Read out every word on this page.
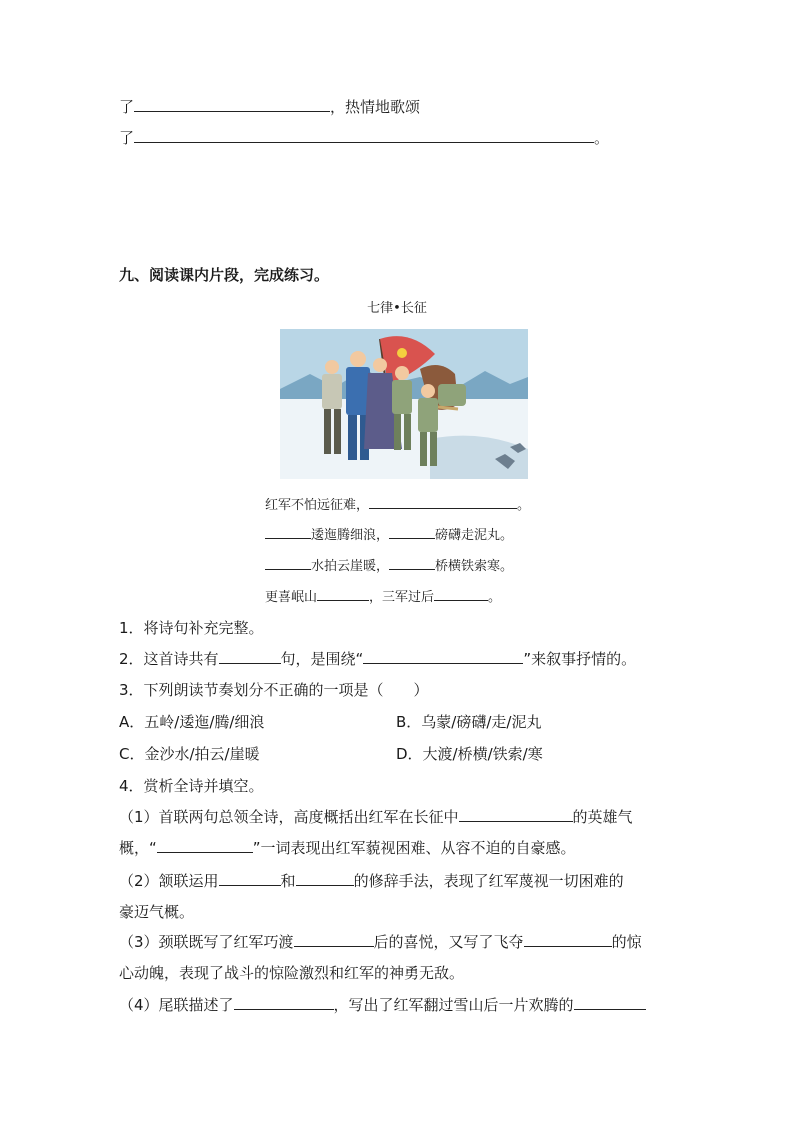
了	，热情地歌颂
了	。
九、阅读课内片段，完成练习。
七律•长征
红军不怕远征难，	。
逶迤腾细浪，	磅礴走泥丸。
水拍云崖暖，	桥横铁索寒。
更喜岷山	，三军过后	。
1．将诗句补充完整。
2．这首诗共有	句，是围绕“	”来叙事抒情的。
3．下列朗读节奏划分不正确的一项是（　　）
A．五岭/逶迤/腾/细浪	B．乌蒙/磅礴/走/泥丸
C．金沙水/拍云/崖暖	D．大渡/桥横/铁索/寒
4．赏析全诗并填空。
（1）首联两句总领全诗，高度概括出红军在长征中	的英雄气
概，“	”一词表现出红军藐视困难、从容不迫的自豪感。
（2）颔联运用	和	的修辞手法，表现了红军蔑视一切困难的
豪迈气概。
（3）颈联既写了红军巧渡	后的喜悦，又写了飞夺	的惊
心动魄，表现了战斗的惊险激烈和红军的神勇无敌。
（4）尾联描述了	，写出了红军翻过雪山后一片欢腾的
